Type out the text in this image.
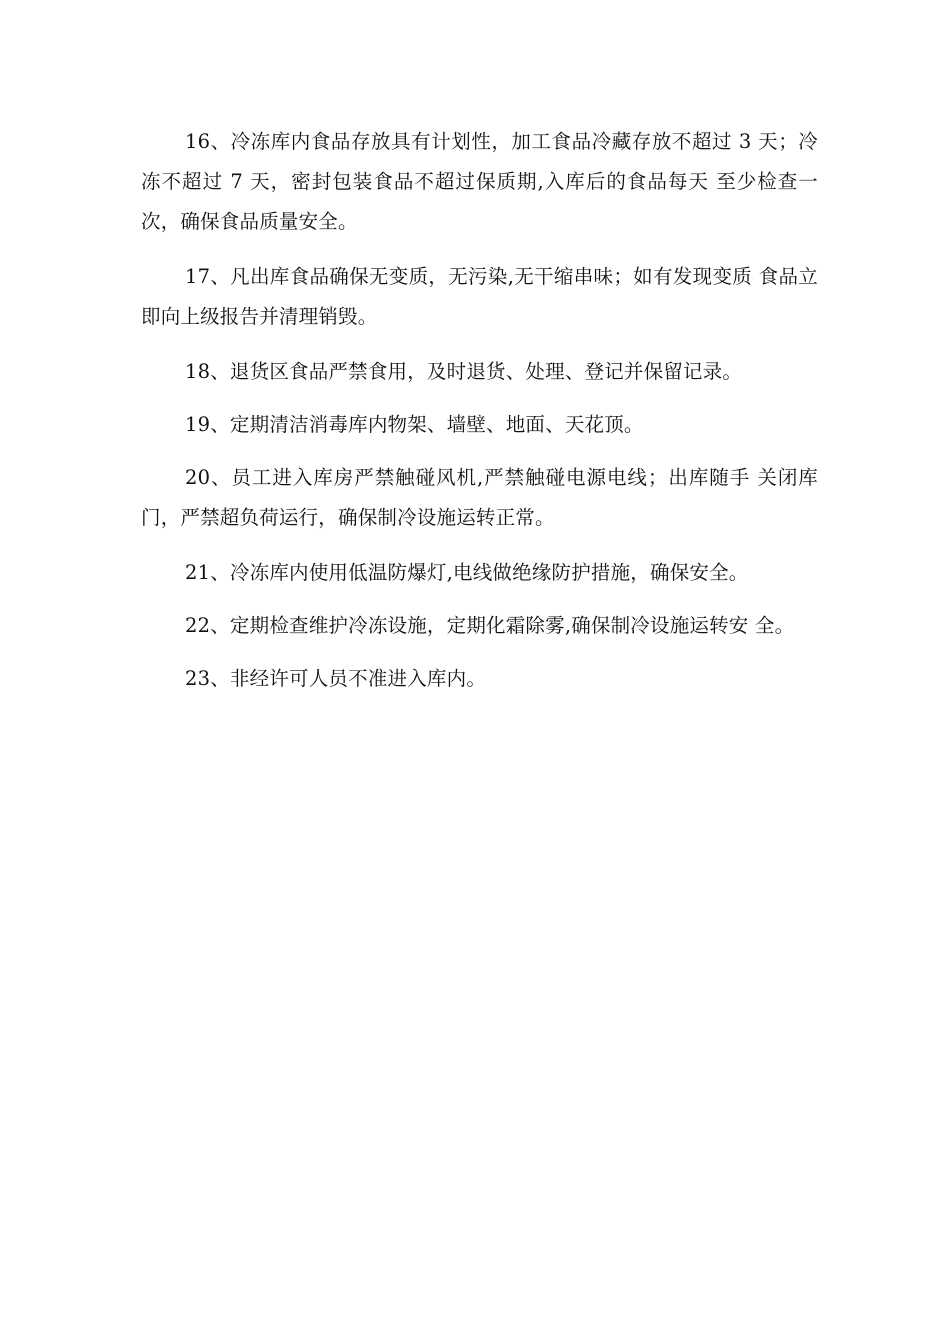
16、冷冻库内食品存放具有计划性，加工食品冷藏存放不超过 3 天；冷冻不超过 7 天，密封包装食品不超过保质期,入库后的食品每天 至少检查一次，确保食品质量安全。

17、凡出库食品确保无变质，无污染,无干缩串味；如有发现变质 食品立即向上级报告并清理销毁。

18、退货区食品严禁食用，及时退货、处理、登记并保留记录。

19、定期清洁消毒库内物架、墙壁、地面、天花顶。

20、员工进入库房严禁触碰风机,严禁触碰电源电线；出库随手 关闭库门，严禁超负荷运行，确保制冷设施运转正常。

21、冷冻库内使用低温防爆灯,电线做绝缘防护措施，确保安全。

22、定期检查维护冷冻设施，定期化霜除雾,确保制冷设施运转安 全。

23、非经许可人员不准进入库内。
